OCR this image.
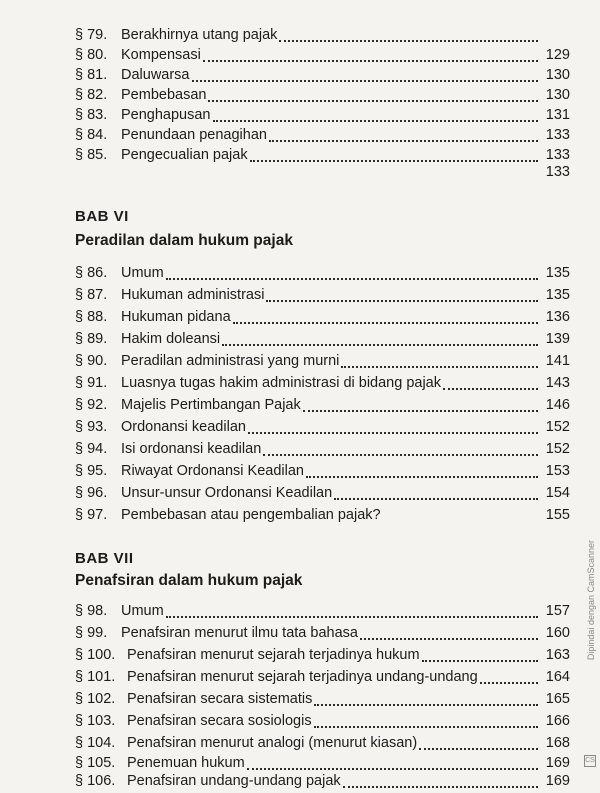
§ 79. Berakhirnya utang pajak
§ 80. Kompensasi	129
§ 81. Daluwarsa	130
§ 82. Pembebasan	130
§ 83. Penghapusan	131
§ 84. Penundaan penagihan	133
§ 85. Pengecualian pajak	133
133
BAB VI
Peradilan dalam hukum pajak
§ 86. Umum	135
§ 87. Hukuman administrasi	135
§ 88. Hukuman pidana	136
§ 89. Hakim doleansi	139
§ 90. Peradilan administrasi yang murni	141
§ 91. Luasnya tugas hakim administrasi di bidang pajak	143
§ 92. Majelis Pertimbangan Pajak	146
§ 93. Ordonansi keadilan	152
§ 94. Isi ordonansi keadilan	152
§ 95. Riwayat Ordonansi Keadilan	153
§ 96. Unsur-unsur Ordonansi Keadilan	154
§ 97. Pembebasan atau pengembalian pajak?	155
BAB VII
Penafsiran dalam hukum pajak
§ 98. Umum	157
§ 99. Penafsiran menurut ilmu tata bahasa	160
§ 100. Penafsiran menurut sejarah terjadinya hukum	163
§ 101. Penafsiran menurut sejarah terjadinya undang-undang	164
§ 102. Penafsiran secara sistematis	165
§ 103. Penafsiran secara sosiologis	166
§ 104. Penafsiran menurut analogi (menurut kiasan)	168
§ 105. Penemuan hukum	169
§ 106. Penafsiran undang-undang pajak	169
Dipindai dengan CamScanner
CS
